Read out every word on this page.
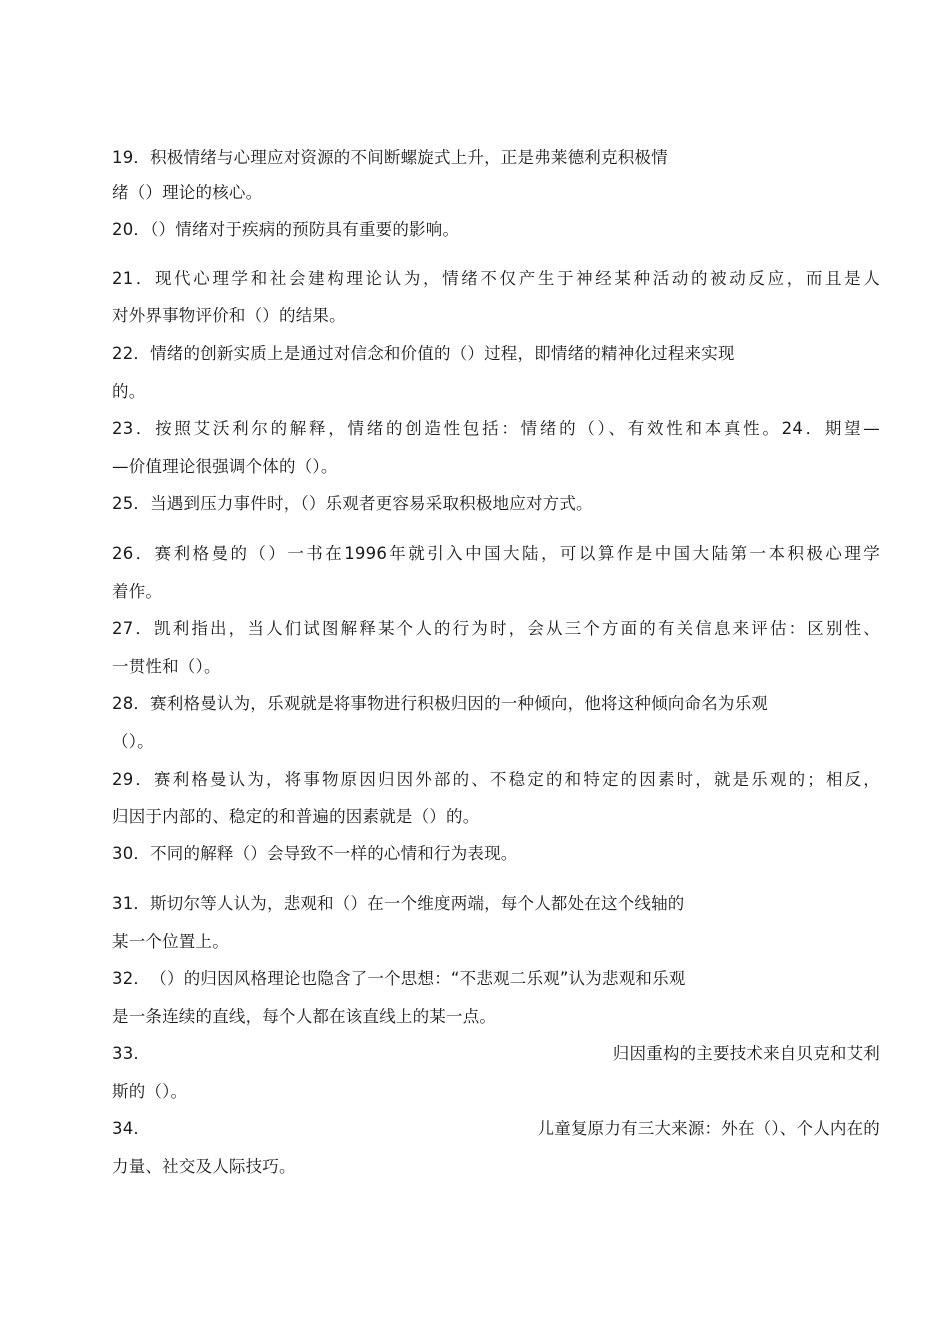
19．积极情绪与心理应对资源的不间断螺旋式上升，正是弗莱德利克积极情
绪（）理论的核心。
20．（）情绪对于疾病的预防具有重要的影响。
21．现代心理学和社会建构理论认为，情绪不仅产生于神经某种活动的被动反应，而且是人
对外界事物评价和（）的结果。
22．情绪的创新实质上是通过对信念和价值的（）过程，即情绪的精神化过程来实现
的。
23．按照艾沃利尔的解释，情绪的创造性包括：情绪的（）、有效性和本真性。24．期望—
—价值理论很强调个体的（）。
25．当遇到压力事件时，（）乐观者更容易采取积极地应对方式。
26．赛利格曼的（）一书在1996年就引入中国大陆，可以算作是中国大陆第一本积极心理学
着作。
27．凯利指出，当人们试图解释某个人的行为时，会从三个方面的有关信息来评估：区别性、
一贯性和（）。
28．赛利格曼认为，乐观就是将事物进行积极归因的一种倾向，他将这种倾向命名为乐观
（）。
29．赛利格曼认为，将事物原因归因外部的、不稳定的和特定的因素时，就是乐观的；相反，
归因于内部的、稳定的和普遍的因素就是（）的。
30．不同的解释（）会导致不一样的心情和行为表现。
31．斯切尔等人认为，悲观和（）在一个维度两端，每个人都处在这个线轴的
某一个位置上。
32．　（）的归因风格理论也隐含了一个思想：“不悲观二乐观”认为悲观和乐观
是一条连续的直线，每个人都在该直线上的某一点。
33.	归因重构的主要技术来自贝克和艾利
斯的（）。
34.	儿童复原力有三大来源：外在（）、个人内在的
力量、社交及人际技巧。
